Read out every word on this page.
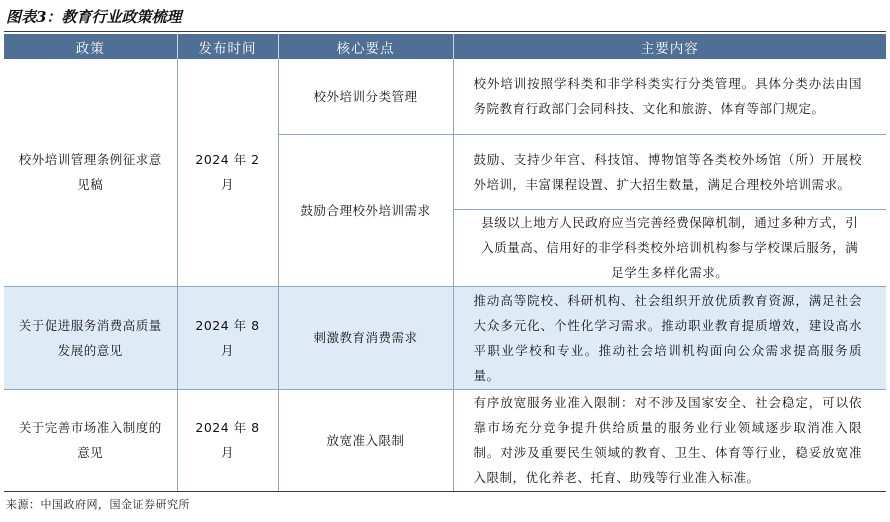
图表3：教育行业政策梳理
政策	发布时间	核心要点	主要内容

校外培训管理条例征求意见稿	2024 年 2 月	校外培训分类管理	校外培训按照学科类和非学科类实行分类管理。具体分类办法由国务院教育行政部门会同科技、文化和旅游、体育等部门规定。
		鼓励合理校外培训需求	鼓励、支持少年宫、科技馆、博物馆等各类校外场馆（所）开展校外培训，丰富课程设置、扩大招生数量，满足合理校外培训需求。
			县级以上地方人民政府应当完善经费保障机制，通过多种方式，引入质量高、信用好的非学科类校外培训机构参与学校课后服务，满足学生多样化需求。

关于促进服务消费高质量发展的意见	2024 年 8 月	刺激教育消费需求	推动高等院校、科研机构、社会组织开放优质教育资源，满足社会大众多元化、个性化学习需求。推动职业教育提质增效，建设高水平职业学校和专业。推动社会培训机构面向公众需求提高服务质量。

关于完善市场准入制度的意见	2024 年 8 月	放宽准入限制	有序放宽服务业准入限制：对不涉及国家安全、社会稳定，可以依靠市场充分竞争提升供给质量的服务业行业领域逐步取消准入限制。对涉及重要民生领域的教育、卫生、体育等行业，稳妥放宽准入限制，优化养老、托育、助残等行业准入标准。
来源：中国政府网，国金证券研究所
